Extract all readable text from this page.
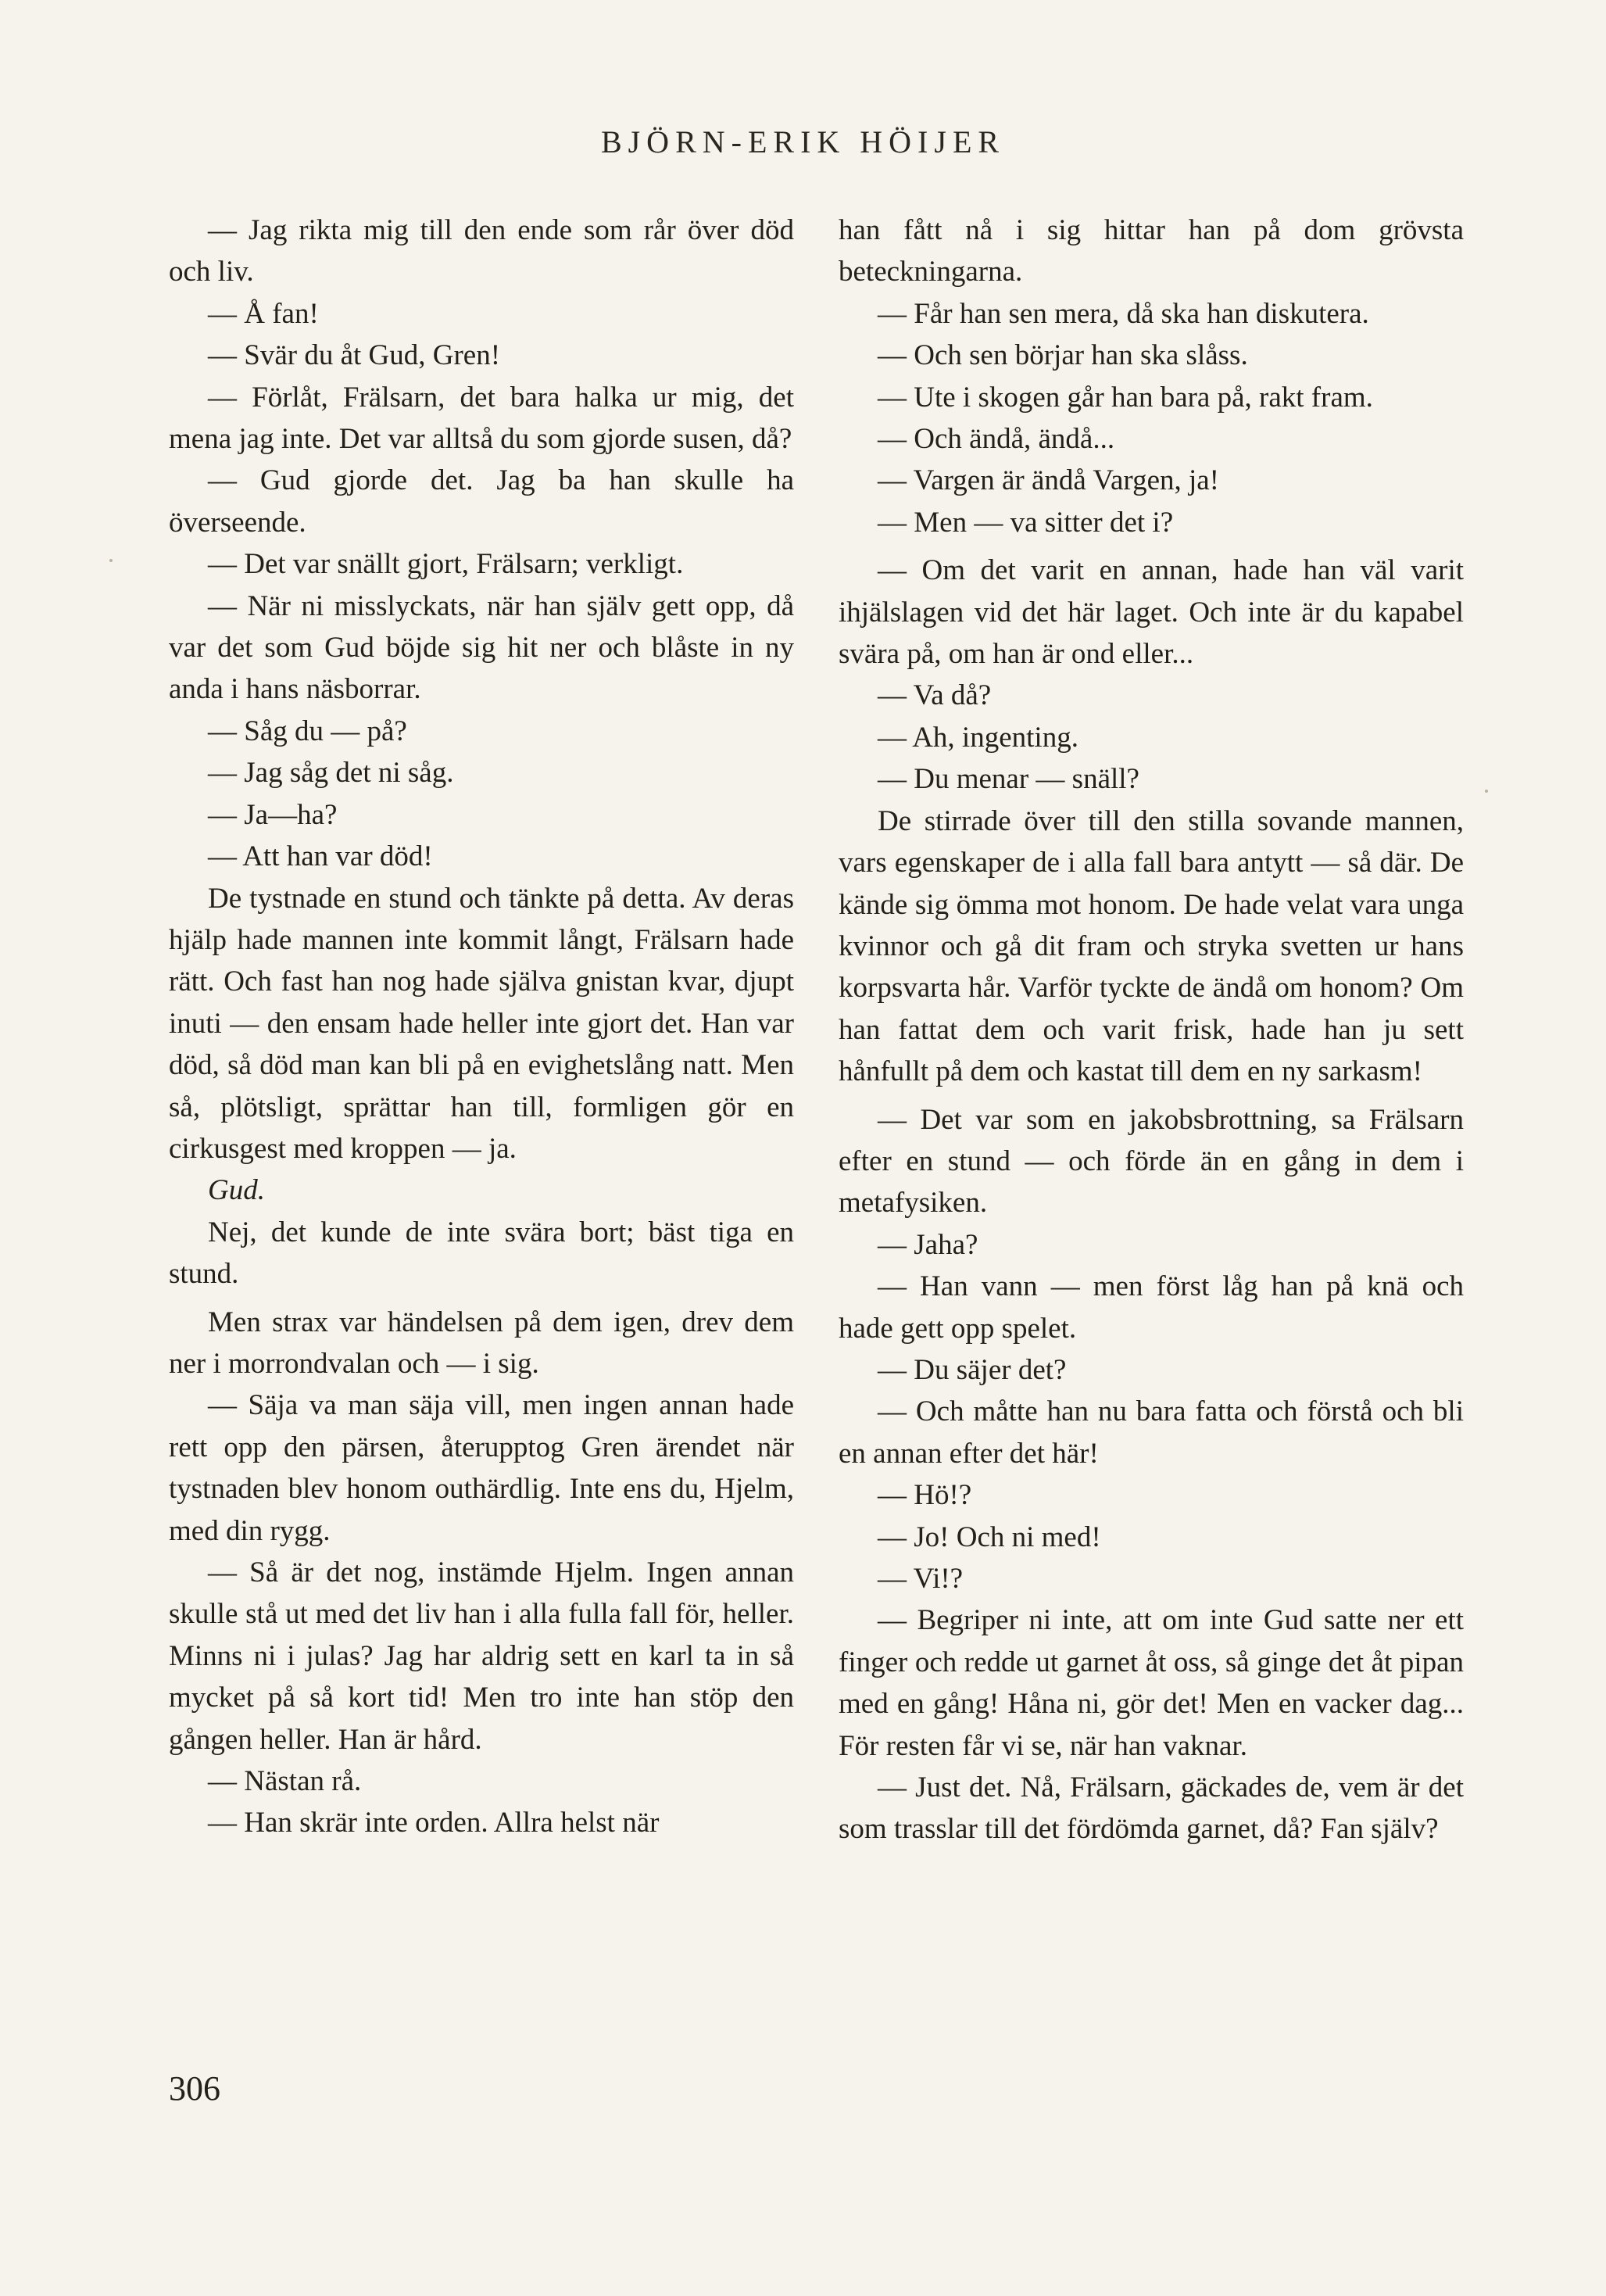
BJÖRN-ERIK HÖIJER

— Jag rikta mig till den ende som rår över död och liv.

— Å fan!

— Svär du åt Gud, Gren!

— Förlåt, Frälsarn, det bara halka ur mig, det mena jag inte. Det var alltså du som gjorde susen, då?

— Gud gjorde det. Jag ba han skulle ha överseende.

— Det var snällt gjort, Frälsarn; verkligt.

— När ni misslyckats, när han själv gett opp, då var det som Gud böjde sig hit ner och blåste in ny anda i hans näsborrar.

— Såg du — på?

— Jag såg det ni såg.

— Ja—ha?

— Att han var död!

De tystnade en stund och tänkte på detta. Av deras hjälp hade mannen inte kommit långt, Frälsarn hade rätt. Och fast han nog hade själva gnistan kvar, djupt inuti — den ensam hade heller inte gjort det. Han var död, så död man kan bli på en evighetslång natt. Men så, plötsligt, sprättar han till, formligen gör en cirkusgest med kroppen — ja.

Gud.

Nej, det kunde de inte svära bort; bäst tiga en stund.

Men strax var händelsen på dem igen, drev dem ner i morrondvalan och — i sig.

— Säja va man säja vill, men ingen annan hade rett opp den pärsen, återupptog Gren ärendet när tystnaden blev honom outhärdlig. Inte ens du, Hjelm, med din rygg.

— Så är det nog, instämde Hjelm. Ingen annan skulle stå ut med det liv han i alla fulla fall för, heller. Minns ni i julas? Jag har aldrig sett en karl ta in så mycket på så kort tid! Men tro inte han stöp den gången heller. Han är hård.

— Nästan rå.

— Han skrär inte orden. Allra helst när

han fått nå i sig hittar han på dom grövsta beteckningarna.

— Får han sen mera, då ska han diskutera.

— Och sen börjar han ska slåss.

— Ute i skogen går han bara på, rakt fram.

— Och ändå, ändå...

— Vargen är ändå Vargen, ja!

— Men — va sitter det i?

— Om det varit en annan, hade han väl varit ihjälslagen vid det här laget. Och inte är du kapabel svära på, om han är ond eller...

— Va då?

— Ah, ingenting.

— Du menar — snäll?

De stirrade över till den stilla sovande mannen, vars egenskaper de i alla fall bara antytt — så där. De kände sig ömma mot honom. De hade velat vara unga kvinnor och gå dit fram och stryka svetten ur hans korpsvarta hår. Varför tyckte de ändå om honom? Om han fattat dem och varit frisk, hade han ju sett hånfullt på dem och kastat till dem en ny sarkasm!

— Det var som en jakobsbrottning, sa Frälsarn efter en stund — och förde än en gång in dem i metafysiken.

— Jaha?

— Han vann — men först låg han på knä och hade gett opp spelet.

— Du säjer det?

— Och måtte han nu bara fatta och förstå och bli en annan efter det här!

— Hö!?

— Jo! Och ni med!

— Vi!?

— Begriper ni inte, att om inte Gud satte ner ett finger och redde ut garnet åt oss, så ginge det åt pipan med en gång! Håna ni, gör det! Men en vacker dag... För resten får vi se, när han vaknar.

— Just det. Nå, Frälsarn, gäckades de, vem är det som trasslar till det fördömda garnet, då? Fan själv?

306
